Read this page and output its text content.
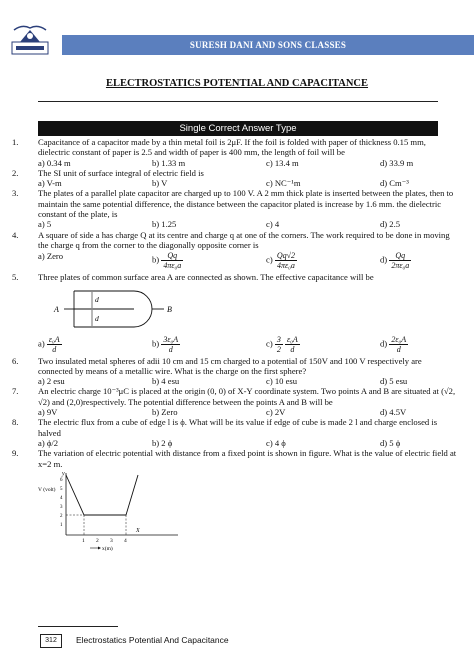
SURESH DANI AND SONS CLASSES
ELECTROSTATICS POTENTIAL AND CAPACITANCE
Single Correct Answer Type
1. Capacitance of a capacitor made by a thin metal foil is 2μF. If the foil is folded with paper of thickness 0.15 mm, dielectric constant of paper is 2.5 and width of paper is 400 mm, the length of foil will be
a) 0.34 m	b) 1.33 m	c) 13.4 m	d) 33.9 m
2. The SI unit of surface integral of electric field is
a) V-m	b) V	c) NC⁻¹m	d) Cm⁻³
3. The plates of a parallel plate capacitor are charged up to 100 V. A 2 mm thick plate is inserted between the plates, then to maintain the same potential difference, the distance between the capacitor plated is increase by 1.6 mm. the dielectric constant of the plate, is
a) 5	b) 1.25	c) 4	d) 2.5
4. A square of side a has charge Q at its centre and charge q at one of the corners. The work required to be done in moving the charge q from the corner to the diagonally opposite corner is
a) Zero	$b) \frac{Qq}{\text{4πε₀a}}$	$c) \frac{Qq√2}{\text{4πε₀a}}$	$d) \frac{Qq}{\text{2πε₀a}}$
5. Three plates of common surface area A are connected as shown. The effective capacitance will be
A	B
d
d
$a) \frac{\text{ε₀A}}{d}$	$b) \frac{\text{3ε₀A}}{d}$	$c) \frac{3}{2}$
$\frac{\text{ε₀A}}{d}$	$d) \frac{\text{2ε₀A}}{d}$
6. Two insulated metal spheres of adii 10 cm and 15 cm charged to a potential of 150V and 100 V respectively are connected by means of a metallic wire. What is the charge on the first sphere?
a) 2 esu	b) 4 esu	c) 10 esu	d) 5 esu
7. An electric charge 10⁻³μC is placed at the origin (0, 0) of X-Y coordinate system. Two points A and B are situated at (√2, √2) and (2,0)respectively. The potential difference between the points A and B will be
a) 9V	b) Zero	c) 2V	d) 4.5V
8. The electric flux from a cube of edge l is ϕ. What will be its value if edge of cube is made 2 l and charge enclosed is halved
a) ϕ/2	b) 2 ϕ	c) 4 ϕ	d) 5 ϕ
9. The variation of electric potential with distance from a fixed point is shown in figure. What is the value of electric field at x=2 m.
y
V (volt)
6
5
4
3
2
1
1 2 3 4
X
x(m)
312	Electrostatics Potential And Capacitance
